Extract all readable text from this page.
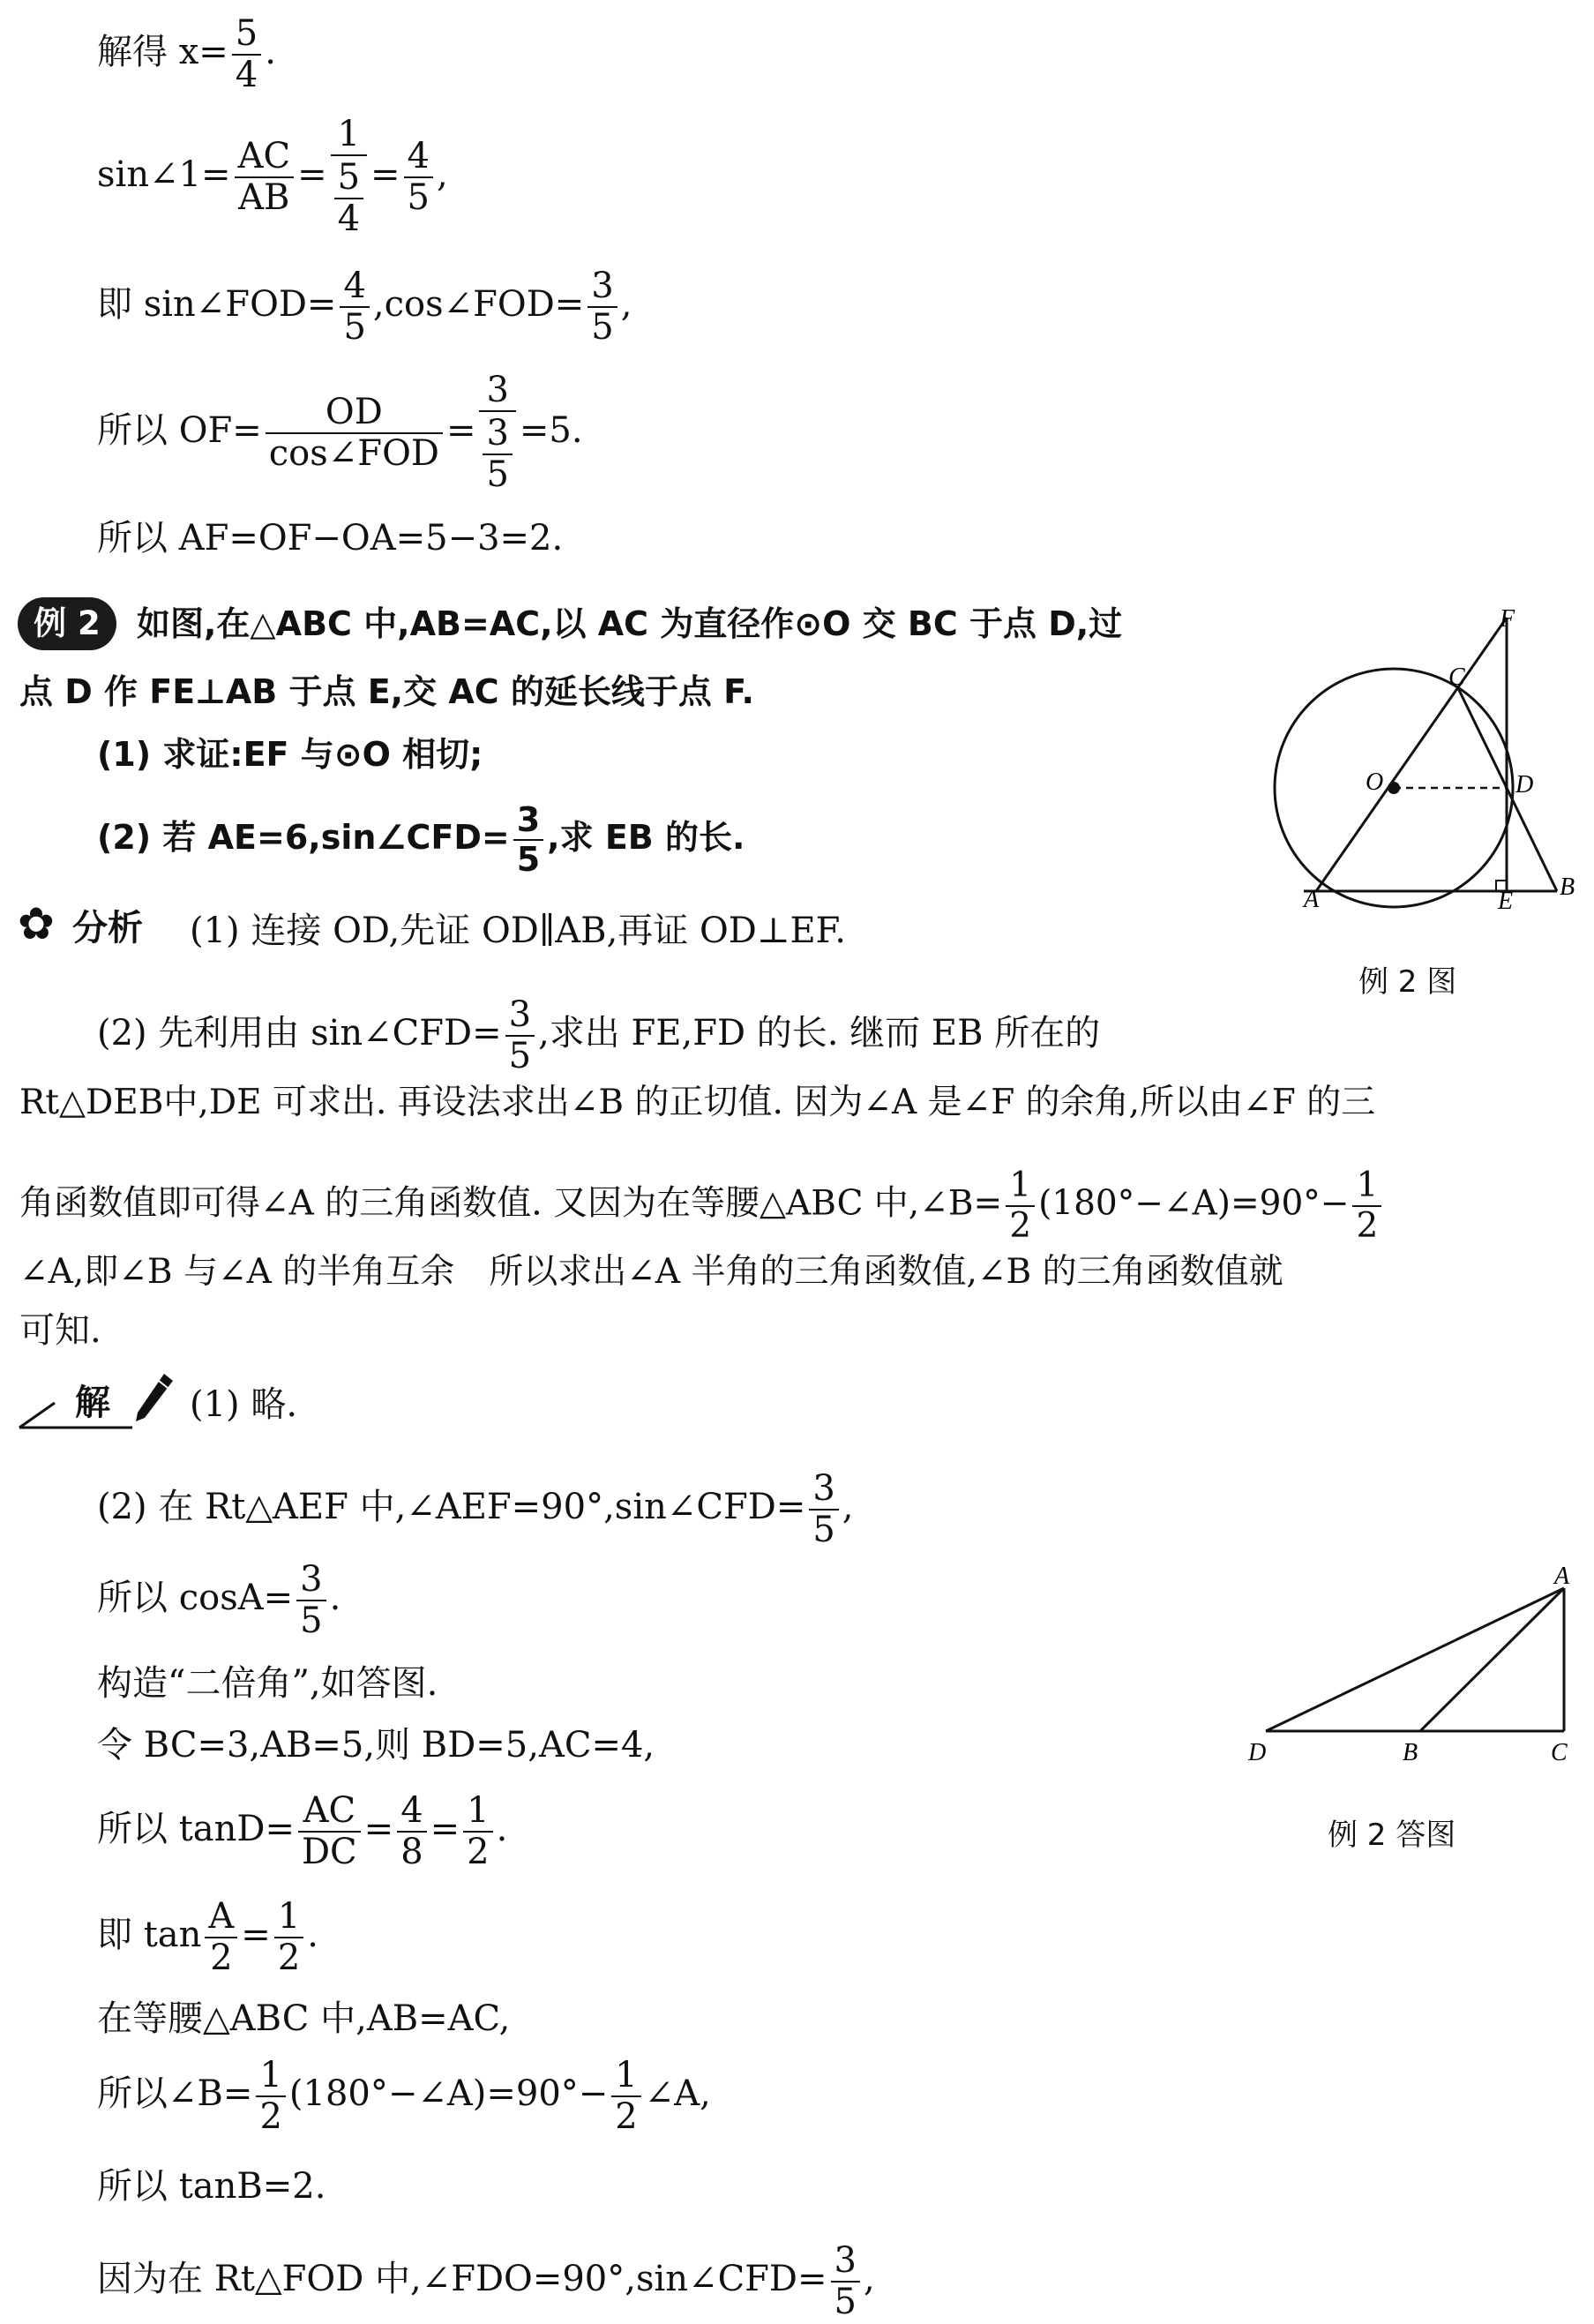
解得 $x= \frac{5}{4}$ .
sin∠1= $\frac{AC}{AB} = \frac{1}{\frac{5}{4}} = \frac{4}{5}$ ,
即 sin∠FOD= $\frac{4}{5}$ ,cos∠FOD= $\frac{3}{5}$ ,
所以 $OF= \frac{OD}{\text{cos∠FOD}} = \frac{3}{\frac{3}{5}} =5$.
所以 AF=OF−OA=5−3=2.
例 2	如图,在△ABC 中,AB=AC,以 AC 为直径作⊙O 交 BC 于点 D,过
点 D 作 FE⊥AB 于点 E,交 AC 的延长线于点 F.
(1) 求证:EF 与⊙O 相切;
(2) 若 AE=6,sin∠CFD= $\frac{3}{5}$ ,求 EB 的长.
F
C
O	D
A	E
B
例 2 图
✿ 分析 (1) 连接 OD,先证 OD∥AB,再证 OD⊥EF.
(2) 先利用由 sin∠CFD= $\frac{3}{5}$ ,求出 FE,FD 的长. 继而 EB 所在的
Rt△DEB中,DE 可求出. 再设法求出∠B 的正切值. 因为∠A 是∠F 的余角,所以由∠F 的三
角函数值即可得∠A 的三角函数值. 又因为在等腰△ABC 中,∠B= $\frac{1}{2}$ (180°−∠A)=90°− $\frac{1}{2}$
∠A,即∠B 与∠A 的半角互余　所以求出∠A 半角的三角函数值,∠B 的三角函数值就
可知.
解 (1) 略.
(2) 在 Rt△AEF 中,∠AEF=90°,sin∠CFD= $\frac{3}{5}$ ,
所以 $\cos A= \frac{3}{5}$ .
构造“二倍角”,如答图.
令 BC=3,AB=5,则 BD=5,AC=4,
所以 $\tan D= \frac{AC}{DC} = \frac{4}{8} = \frac{1}{2}$ .
即 $\tan \frac{A}{2} = \frac{1}{2}$ .
在等腰△ABC 中,AB=AC,
所以∠B= $\frac{1}{2}$ (180°−∠A)=90°− $\frac{1}{2}$ ∠A,
所以 tanB=2.
因为在 Rt△FOD 中,∠FDO=90°,sin∠CFD= $\frac{3}{5}$ ,
A
D	B	C
例 2 答图
